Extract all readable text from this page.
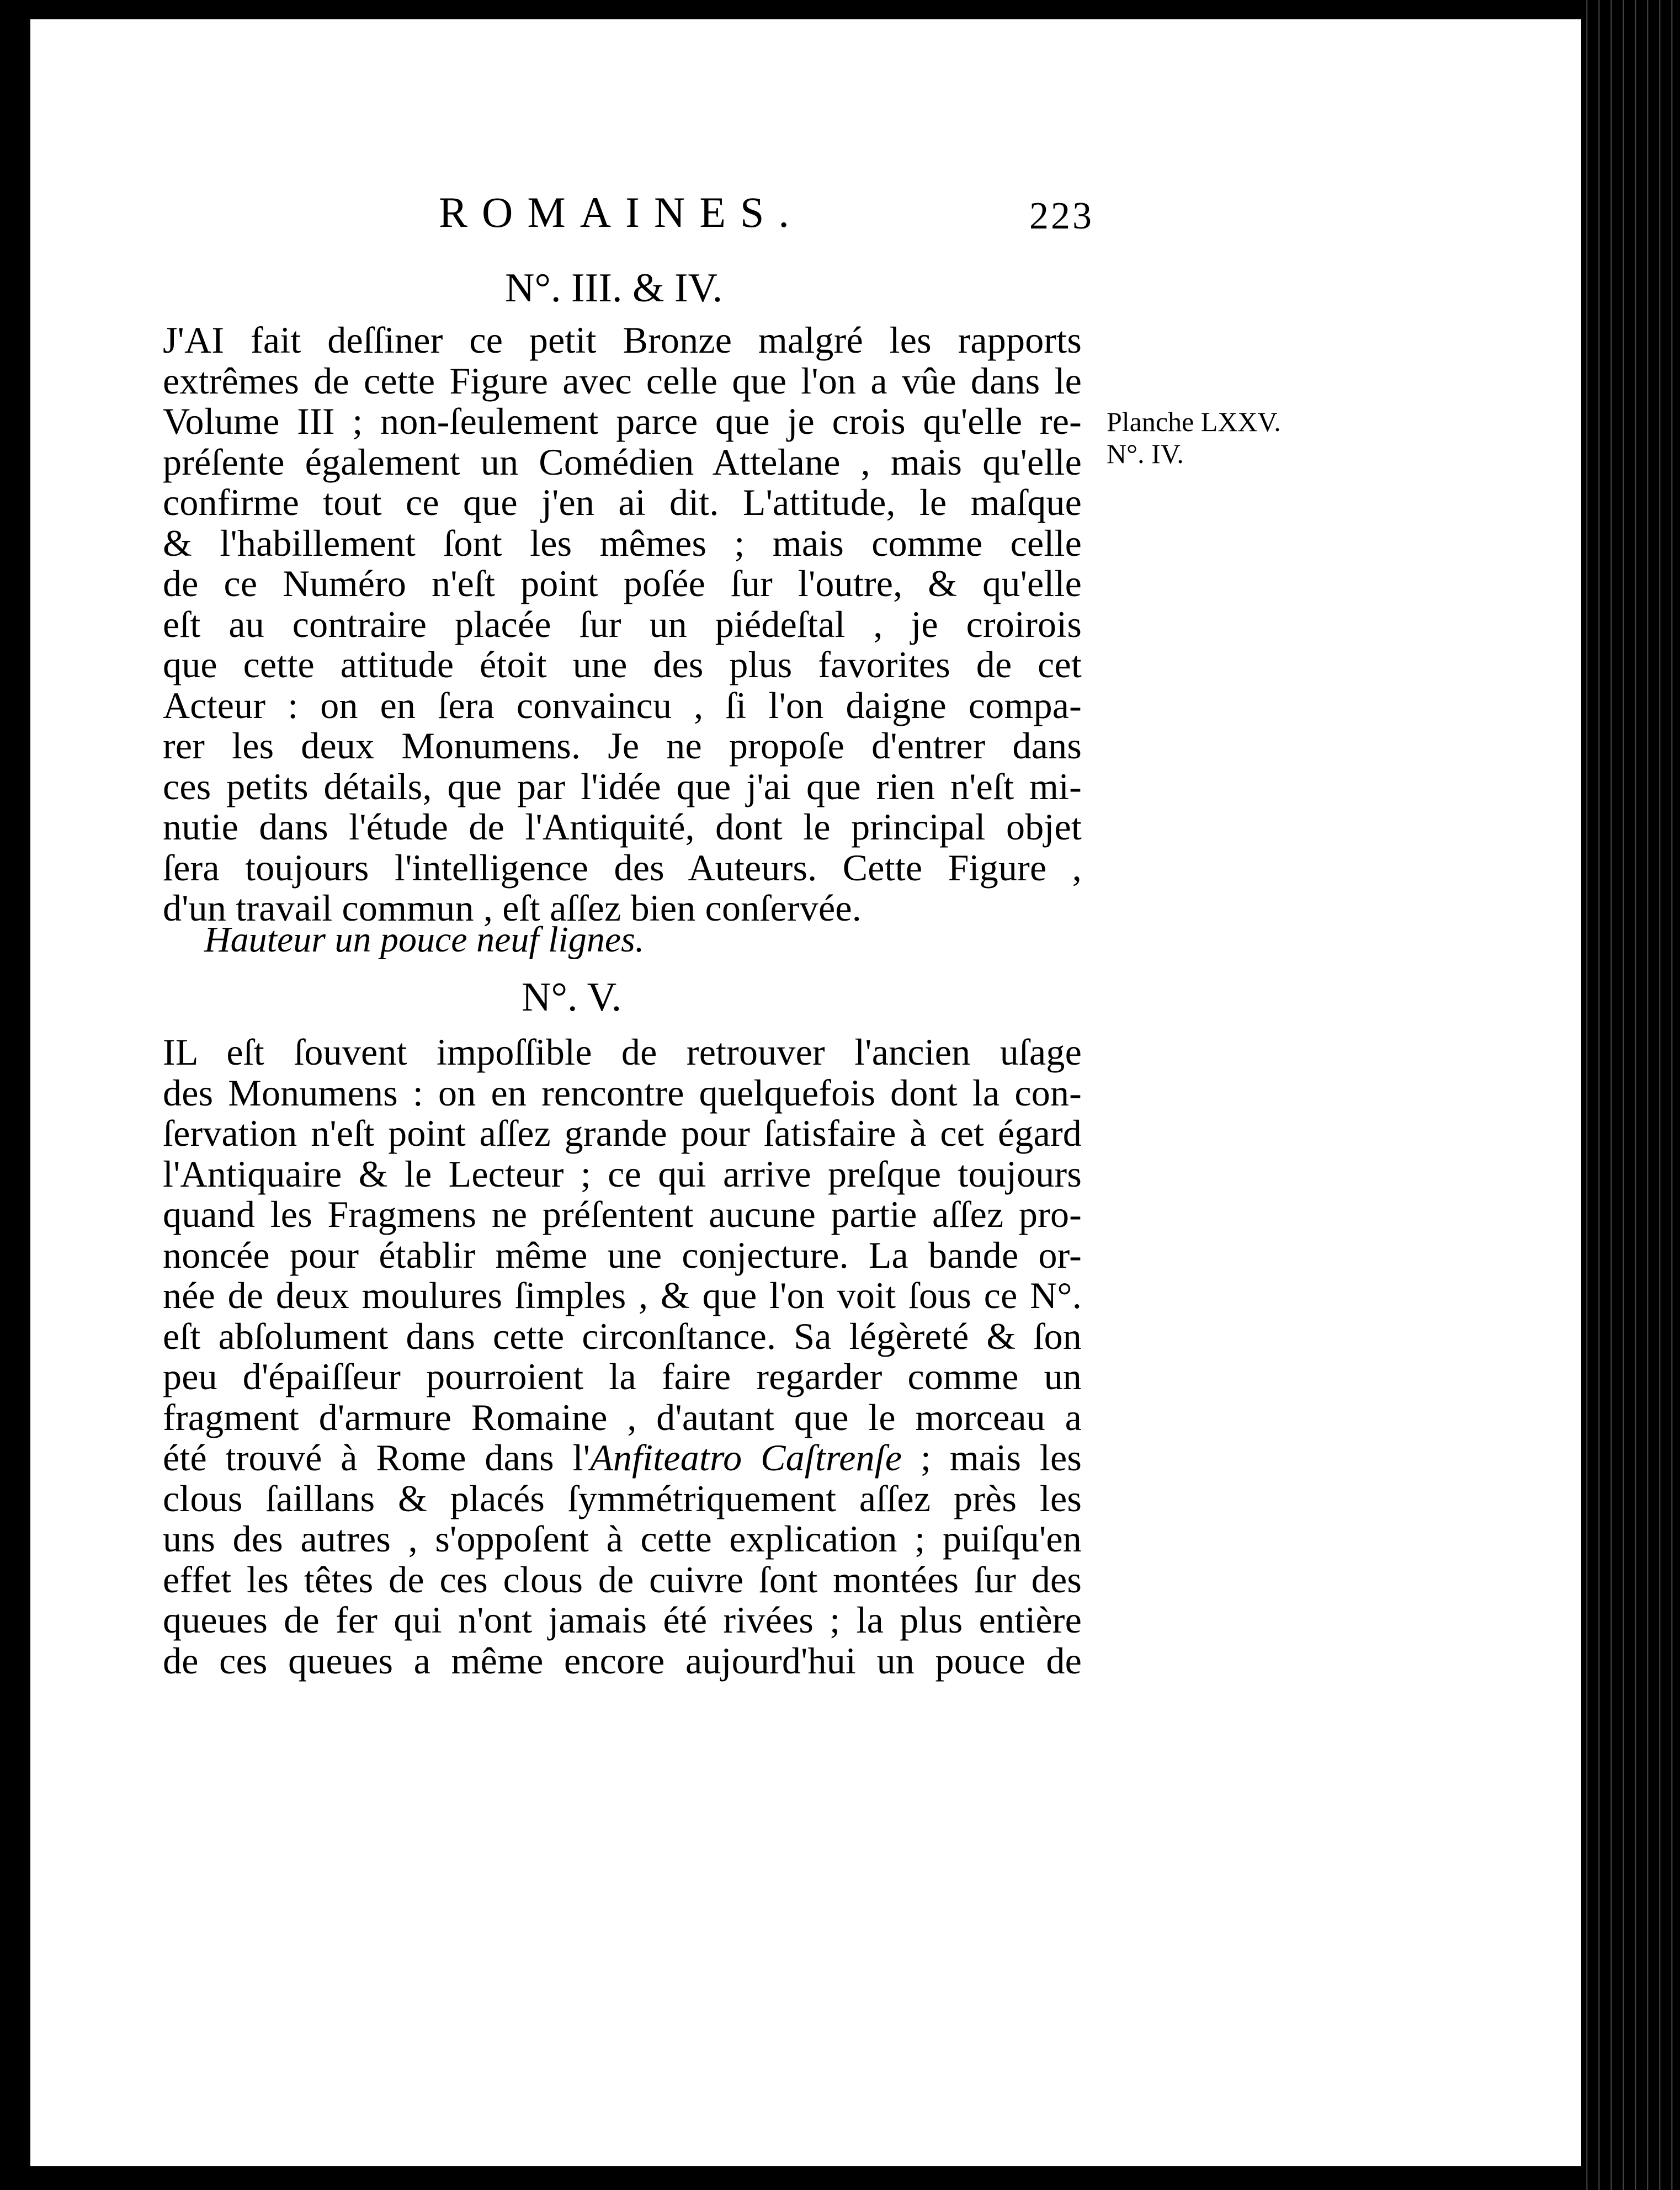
ROMAINES.	223
N°. III. & IV.
J'AI fait deſſiner ce petit Bronze malgré les rapports
extrêmes de cette Figure avec celle que l'on a vûe dans le
Volume III ; non-ſeulement parce que je crois qu'elle re-
préſente également un Comédien Attelane , mais qu'elle
confirme tout ce que j'en ai dit. L'attitude, le maſque
& l'habillement ſont les mêmes ; mais comme celle
de ce Numéro n'eſt point poſée ſur l'outre, & qu'elle
eſt au contraire placée ſur un piédeſtal , je croirois
que cette attitude étoit une des plus favorites de cet
Acteur : on en ſera convaincu , ſi l'on daigne compa-
rer les deux Monumens. Je ne propoſe d'entrer dans
ces petits détails, que par l'idée que j'ai que rien n'eſt mi-
nutie dans l'étude de l'Antiquité, dont le principal objet
ſera toujours l'intelligence des Auteurs. Cette Figure ,
d'un travail commun , eſt aſſez bien conſervée.
Hauteur un pouce neuf lignes.
Planche LXXV.
N°. IV.
N°. V.
IL eſt ſouvent impoſſible de retrouver l'ancien uſage
des Monumens : on en rencontre quelquefois dont la con-
ſervation n'eſt point aſſez grande pour ſatisfaire à cet égard
l'Antiquaire & le Lecteur ; ce qui arrive preſque toujours
quand les Fragmens ne préſentent aucune partie aſſez pro-
noncée pour établir même une conjecture. La bande or-
née de deux moulures ſimples , & que l'on voit ſous ce N°.
eſt abſolument dans cette circonſtance. Sa légèreté & ſon
peu d'épaiſſeur pourroient la faire regarder comme un
fragment d'armure Romaine , d'autant que le morceau a
été trouvé à Rome dans l'Anfiteatro Caſtrenſe ; mais les
clous ſaillans & placés ſymmétriquement aſſez près les
uns des autres , s'oppoſent à cette explication ; puiſqu'en
effet les têtes de ces clous de cuivre ſont montées ſur des
queues de fer qui n'ont jamais été rivées ; la plus entière
de ces queues a même encore aujourd'hui un pouce de
